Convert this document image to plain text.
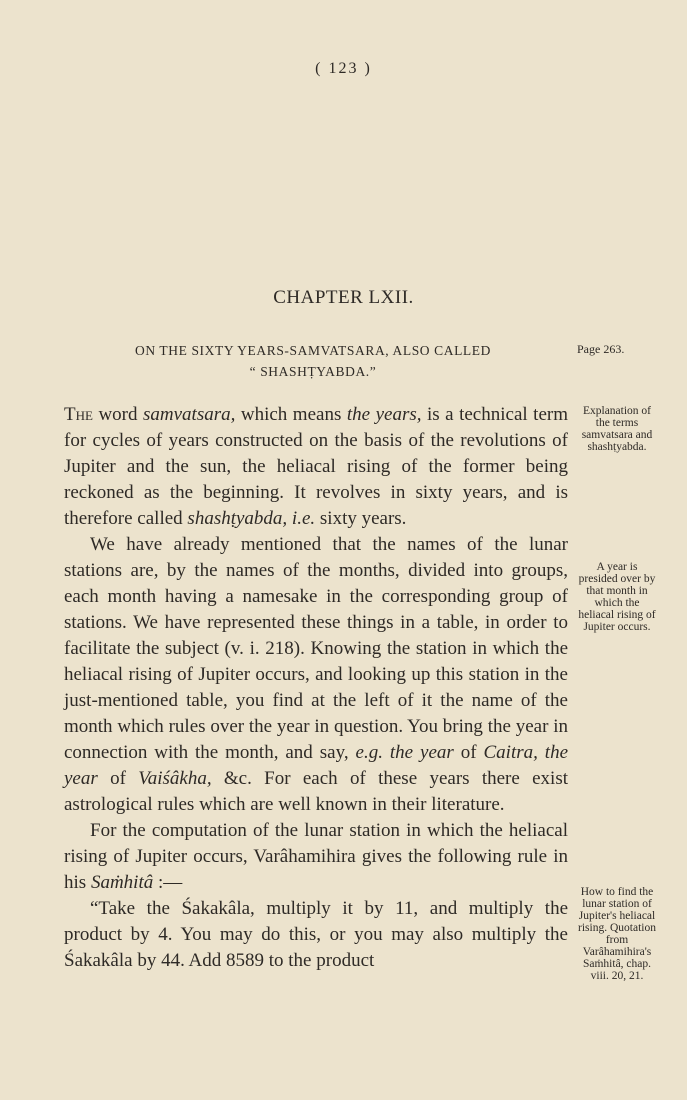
( 123 )
CHAPTER LXII.
ON THE SIXTY YEARS-SAMVATSARA, ALSO CALLED
“ SHASHṬYABDA.”
Page 263.

The word samvatsara, which means the years, is a technical term for cycles of years constructed on the basis of the revolutions of Jupiter and the sun, the heliacal rising of the former being reckoned as the beginning. It revolves in sixty years, and is therefore called shashṭyabda, i.e. sixty years.

We have already mentioned that the names of the lunar stations are, by the names of the months, divided into groups, each month having a namesake in the corresponding group of stations. We have represented these things in a table, in order to facilitate the subject (v. i. 218). Knowing the station in which the heliacal rising of Jupiter occurs, and looking up this station in the just-mentioned table, you find at the left of it the name of the month which rules over the year in question. You bring the year in connection with the month, and say, e.g. the year of Caitra, the year of Vaiśâkha, &c. For each of these years there exist astrological rules which are well known in their literature.

For the computation of the lunar station in which the heliacal rising of Jupiter occurs, Varâhamihira gives the following rule in his Saṁhitâ :—

“Take the Śakakâla, multiply it by 11, and multiply the product by 4. You may do this, or you may also multiply the Śakakâla by 44. Add 8589 to the product

Explanation of the terms samvatsara and shashṭyabda.
A year is presided over by that month in which the heliacal rising of Jupiter occurs.
How to find the lunar station of Jupiter's heliacal rising. Quotation from Varâhamihira's Saṁhitâ, chap. viii. 20, 21.
